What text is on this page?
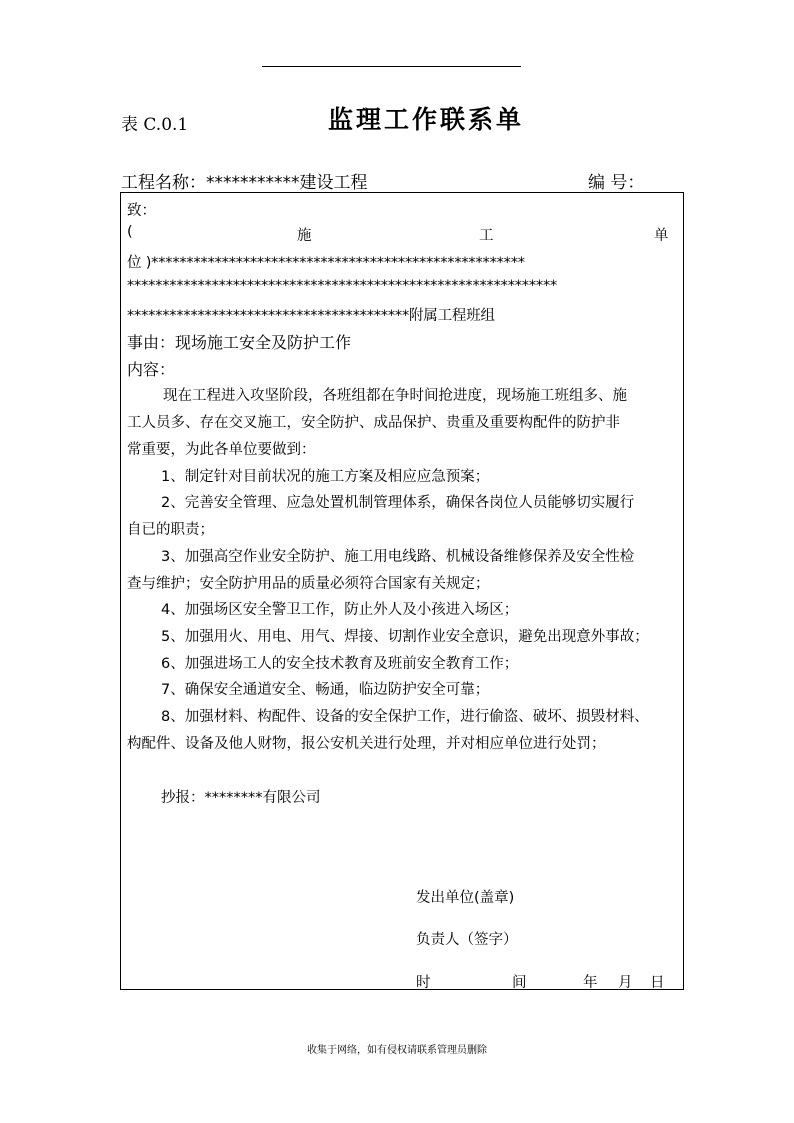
表 C.0.1	监理工作联系单
工程名称：***********建设工程	编 号：
致：
(	施	工	单
位 )*****************************************************
*************************************************************
****************************************附属工程班组
事由：现场施工安全及防护工作
内容：
现在工程进入攻坚阶段，各班组都在争时间抢进度，现场施工班组多、施
工人员多、存在交叉施工，安全防护、成品保护、贵重及重要构配件的防护非
常重要，为此各单位要做到：
1、制定针对目前状况的施工方案及相应应急预案；
2、完善安全管理、应急处置机制管理体系，确保各岗位人员能够切实履行
自已的职责；
3、加强高空作业安全防护、施工用电线路、机械设备维修保养及安全性检
查与维护；安全防护用品的质量必须符合国家有关规定；
4、加强场区安全警卫工作，防止外人及小孩进入场区；
5、加强用火、用电、用气、焊接、切割作业安全意识，避免出现意外事故；
6、加强进场工人的安全技术教育及班前安全教育工作；
7、确保安全通道安全、畅通，临边防护安全可靠；
8、加强材料、构配件、设备的安全保护工作，进行偷盗、破坏、损毁材料、
构配件、设备及他人财物，报公安机关进行处理，并对相应单位进行处罚；
抄报：********有限公司
发出单位(盖章)
负责人（签字）
时	间	年 月 日
收集于网络，如有侵权请联系管理员删除
